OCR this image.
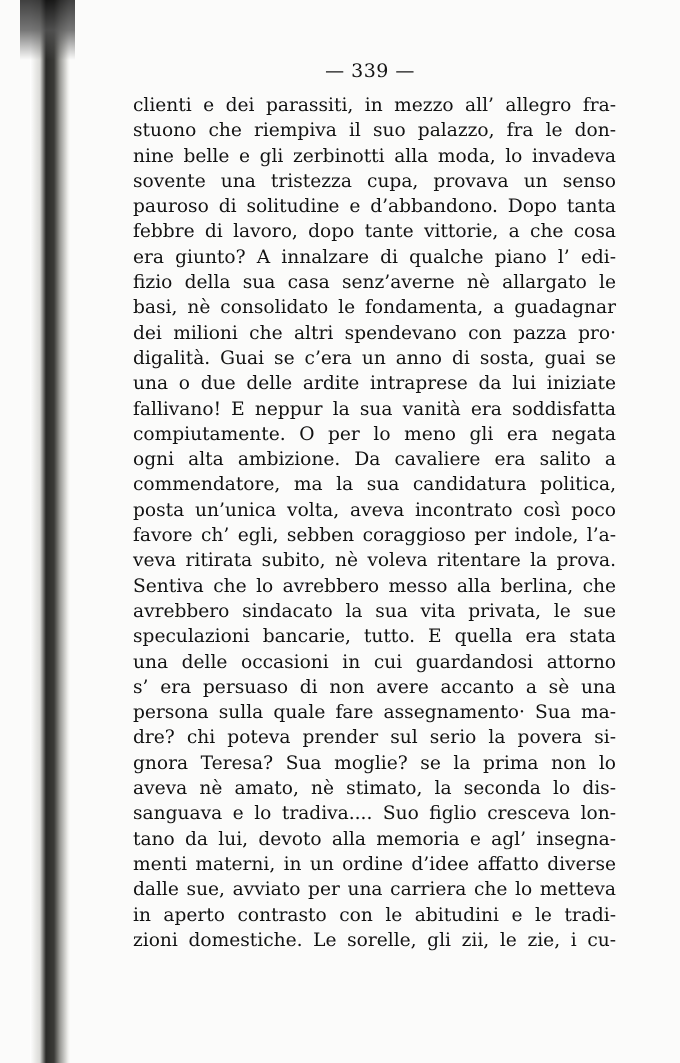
— 339 —
clienti e dei parassiti, in mezzo all’ allegro fra-
stuono che riempiva il suo palazzo, fra le don-
nine belle e gli zerbinotti alla moda, lo invadeva
sovente una tristezza cupa, provava un senso
pauroso di solitudine e d’abbandono. Dopo tanta
febbre di lavoro, dopo tante vittorie, a che cosa
era giunto? A innalzare di qualche piano l’ edi-
fizio della sua casa senz’averne nè allargato le
basi, nè consolidato le fondamenta, a guadagnar
dei milioni che altri spendevano con pazza pro·
digalità. Guai se c’era un anno di sosta, guai se
una o due delle ardite intraprese da lui iniziate
fallivano! E neppur la sua vanità era soddisfatta
compiutamente. O per lo meno gli era negata
ogni alta ambizione. Da cavaliere era salito a
commendatore, ma la sua candidatura politica,
posta un’unica volta, aveva incontrato così poco
favore ch’ egli, sebben coraggioso per indole, l’a-
veva ritirata subito, nè voleva ritentare la prova.
Sentiva che lo avrebbero messo alla berlina, che
avrebbero sindacato la sua vita privata, le sue
speculazioni bancarie, tutto. E quella era stata
una delle occasioni in cui guardandosi attorno
s’ era persuaso di non avere accanto a sè una
persona sulla quale fare assegnamento· Sua ma-
dre? chi poteva prender sul serio la povera si-
gnora Teresa? Sua moglie? se la prima non lo
aveva nè amato, nè stimato, la seconda lo dis-
sanguava e lo tradiva.... Suo figlio cresceva lon-
tano da lui, devoto alla memoria e agl’ insegna-
menti materni, in un ordine d’idee affatto diverse
dalle sue, avviato per una carriera che lo metteva
in aperto contrasto con le abitudini e le tradi-
zioni domestiche. Le sorelle, gli zii, le zie, i cu-
